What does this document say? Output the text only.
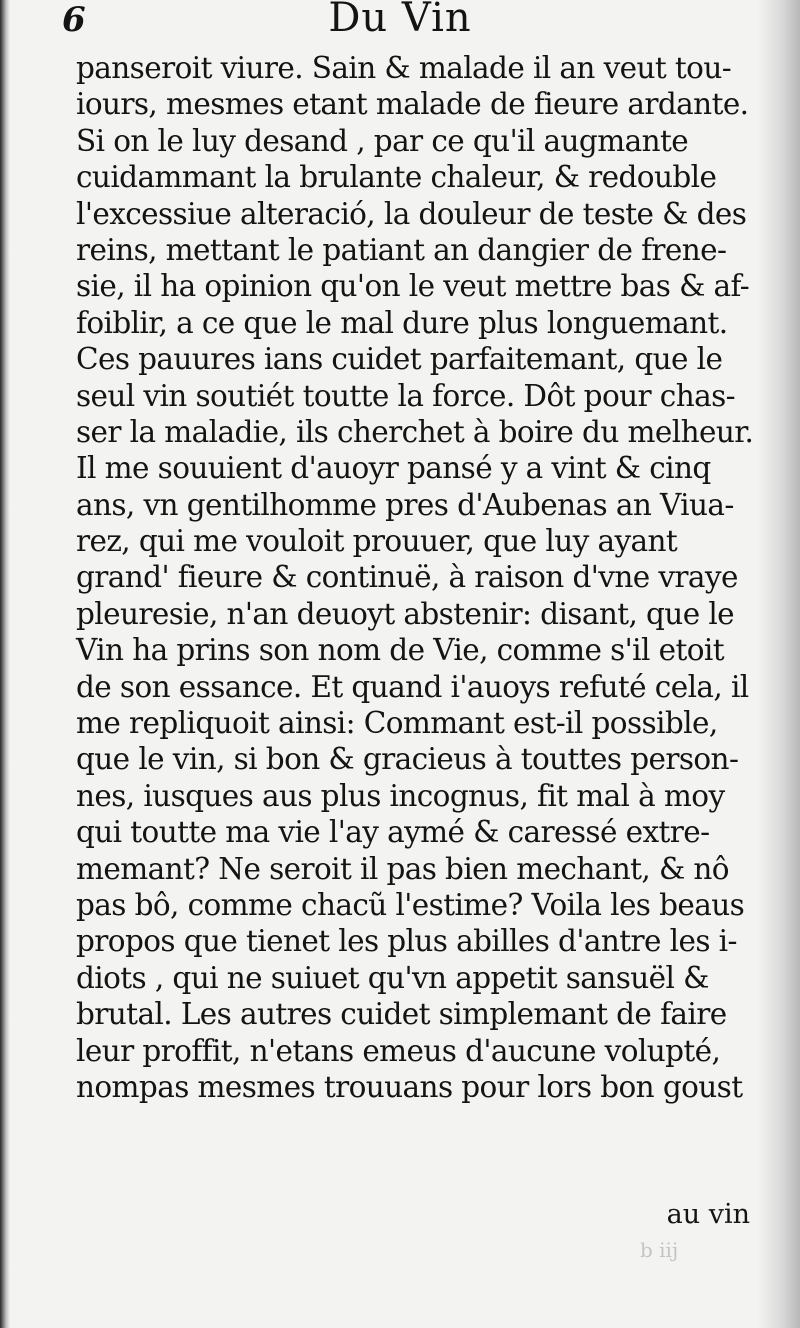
Du Vin
6
panseroit viure. Sain & malade il an veut tou-
iours, mesmes etant malade de fieure ardante.
Si on le luy desand , par ce qu'il augmante
cuidammant la brulante chaleur, & redouble
l'excessiue alteració, la douleur de teste & des
reins, mettant le patiant an dangier de frene-
sie, il ha opinion qu'on le veut mettre bas & af-
foiblir, a ce que le mal dure plus longuemant.
Ces pauures ians cuidet parfaitemant, que le
seul vin soutiét toutte la force. Dôt pour chas-
ser la maladie, ils cherchet à boire du melheur.
Il me souuient d'auoyr pansé y a vint & cinq
ans, vn gentilhomme pres d'Aubenas an Viua-
rez, qui me vouloit prouuer, que luy ayant
grand' fieure & continuë, à raison d'vne vraye
pleuresie, n'an deuoyt abstenir: disant, que le
Vin ha prins son nom de Vie, comme s'il etoit
de son essance. Et quand i'auoys refuté cela, il
me repliquoit ainsi: Commant est-il possible,
que le vin, si bon & gracieus à touttes person-
nes, iusques aus plus incognus, fit mal à moy
qui toutte ma vie l'ay aymé & caressé extre-
memant? Ne seroit il pas bien mechant, & nô
pas bô, comme chacũ l'estime? Voila les beaus
propos que tienet les plus abilles d'antre les i-
diots , qui ne suiuet qu'vn appetit sansuël &
brutal. Les autres cuidet simplemant de faire
leur proffit, n'etans emeus d'aucune volupté,
nompas mesmes trouuans pour lors bon goust
b iij
au vin
